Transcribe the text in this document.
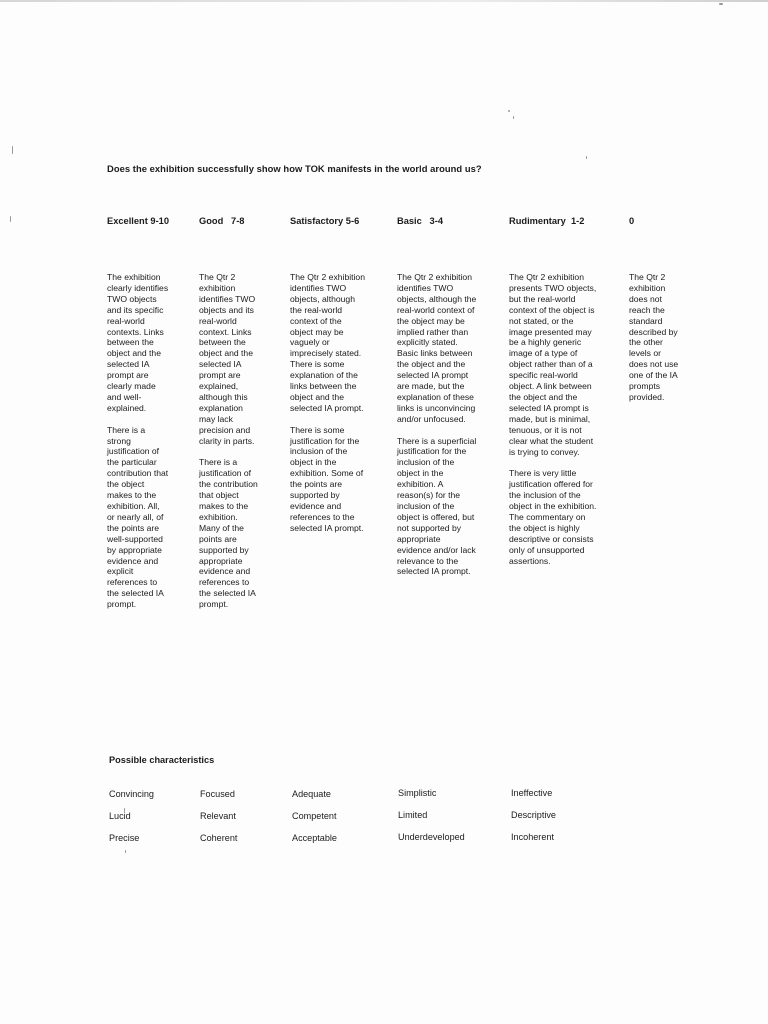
Does the exhibition successfully show how TOK manifests in the world around us?
Excellent 9-10

The exhibition clearly identifies TWO objects and its specific real-world contexts. Links between the object and the selected IA prompt are clearly made and well-explained.

There is a strong justification of the particular contribution that the object makes to the exhibition. All, or nearly all, of the points are well-supported by appropriate evidence and explicit references to the selected IA prompt.

Good   7-8

The Qtr 2 exhibition identifies TWO objects and its real-world context. Links between the object and the selected IA prompt are explained, although this explanation may lack precision and clarity in parts.

There is a justification of the contribution that object makes to the exhibition. Many of the points are supported by appropriate evidence and references to the selected IA prompt.

Satisfactory 5-6

The Qtr 2 exhibition identifies TWO objects, although the real-world context of the object may be vaguely or imprecisely stated. There is some explanation of the links between the object and the selected IA prompt.

There is some justification for the inclusion of the object in the exhibition. Some of the points are supported by evidence and references to the selected IA prompt.

Basic   3-4

The Qtr 2 exhibition identifies TWO objects, although the real-world context of the object may be implied rather than explicitly stated. Basic links between the object and the selected IA prompt are made, but the explanation of these links is unconvincing and/or unfocused.

There is a superficial justification for the inclusion of the object in the exhibition. A reason(s) for the inclusion of the object is offered, but not supported by appropriate evidence and/or lack relevance to the selected IA prompt.

Rudimentary  1-2

The Qtr 2 exhibition presents TWO objects, but the real-world context of the object is not stated, or the image presented may be a highly generic image of a type of object rather than of a specific real-world object. A link between the object and the selected IA prompt is made, but is minimal, tenuous, or it is not clear what the student is trying to convey.

There is very little justification offered for the inclusion of the object in the exhibition. The commentary on the object is highly descriptive or consists only of unsupported assertions.

0

The Qtr 2 exhibition does not reach the standard described by the other levels or does not use one of the IA prompts provided.

Possible characteristics
Convincing
Lucid
Precise
Focused
Relevant
Coherent
Adequate
Competent
Acceptable
Simplistic
Limited
Underdeveloped
Ineffective
Descriptive
Incoherent
